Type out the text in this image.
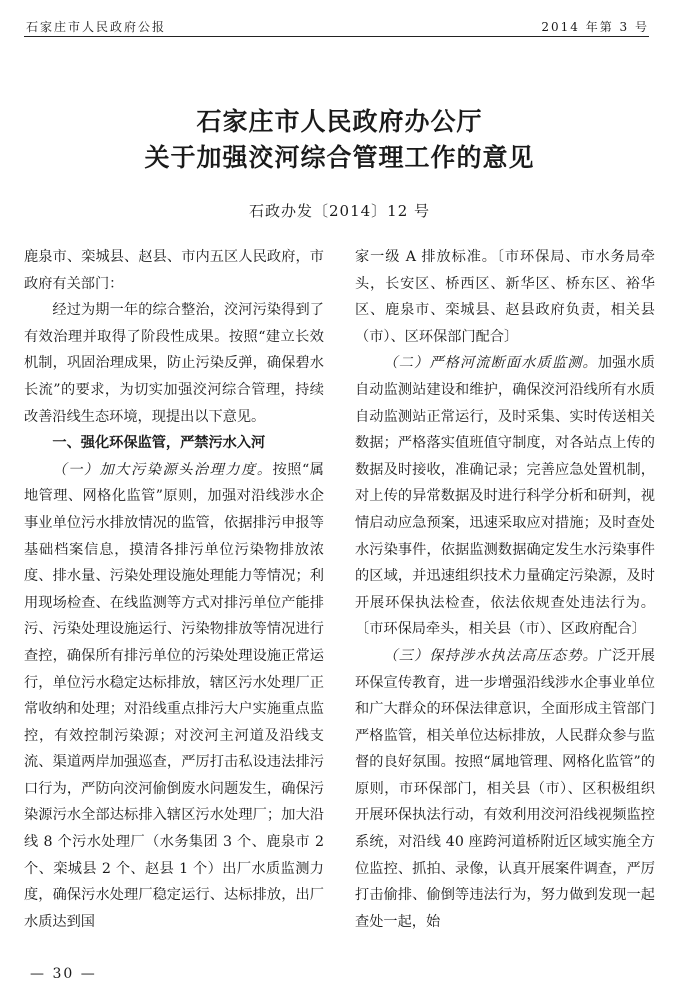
石家庄市人民政府公报	2014 年第 3 号
石家庄市人民政府办公厅
关于加强洨河综合管理工作的意见
石政办发〔2014〕12 号

鹿泉市、栾城县、赵县、市内五区人民政府，市政府有关部门：

经过为期一年的综合整治，洨河污染得到了有效治理并取得了阶段性成果。按照“建立长效机制，巩固治理成果，防止污染反弹，确保碧水长流”的要求，为切实加强洨河综合管理，持续改善沿线生态环境，现提出以下意见。

一、强化环保监管，严禁污水入河

（一）加大污染源头治理力度。按照“属地管理、网格化监管”原则，加强对沿线涉水企事业单位污水排放情况的监管，依据排污申报等基础档案信息，摸清各排污单位污染物排放浓度、排水量、污染处理设施处理能力等情况；利用现场检查、在线监测等方式对排污单位产能排污、污染处理设施运行、污染物排放等情况进行查控，确保所有排污单位的污染处理设施正常运行，单位污水稳定达标排放，辖区污水处理厂正常收纳和处理；对沿线重点排污大户实施重点监控，有效控制污染源；对洨河主河道及沿线支流、渠道两岸加强巡查，严厉打击私设违法排污口行为，严防向洨河偷倒废水问题发生，确保污染源污水全部达标排入辖区污水处理厂；加大沿线 8 个污水处理厂（水务集团 3 个、鹿泉市 2 个、栾城县 2 个、赵县 1 个）出厂水质监测力度，确保污水处理厂稳定运行、达标排放，出厂水质达到国

家一级 A 排放标准。〔市环保局、市水务局牵头，长安区、桥西区、新华区、桥东区、裕华区、鹿泉市、栾城县、赵县政府负责，相关县（市）、区环保部门配合〕

（二）严格河流断面水质监测。加强水质自动监测站建设和维护，确保洨河沿线所有水质自动监测站正常运行，及时采集、实时传送相关数据；严格落实值班值守制度，对各站点上传的数据及时接收，准确记录；完善应急处置机制，对上传的异常数据及时进行科学分析和研判，视情启动应急预案，迅速采取应对措施；及时查处水污染事件，依据监测数据确定发生水污染事件的区域，并迅速组织技术力量确定污染源，及时开展环保执法检查，依法依规查处违法行为。〔市环保局牵头，相关县（市）、区政府配合〕

（三）保持涉水执法高压态势。广泛开展环保宣传教育，进一步增强沿线涉水企事业单位和广大群众的环保法律意识，全面形成主管部门严格监管，相关单位达标排放，人民群众参与监督的良好氛围。按照“属地管理、网格化监管”的原则，市环保部门，相关县（市）、区积极组织开展环保执法行动，有效利用洨河沿线视频监控系统，对沿线 40 座跨河道桥附近区域实施全方位监控、抓拍、录像，认真开展案件调查，严厉打击偷排、偷倒等违法行为，努力做到发现一起查处一起，始

— 30 —
